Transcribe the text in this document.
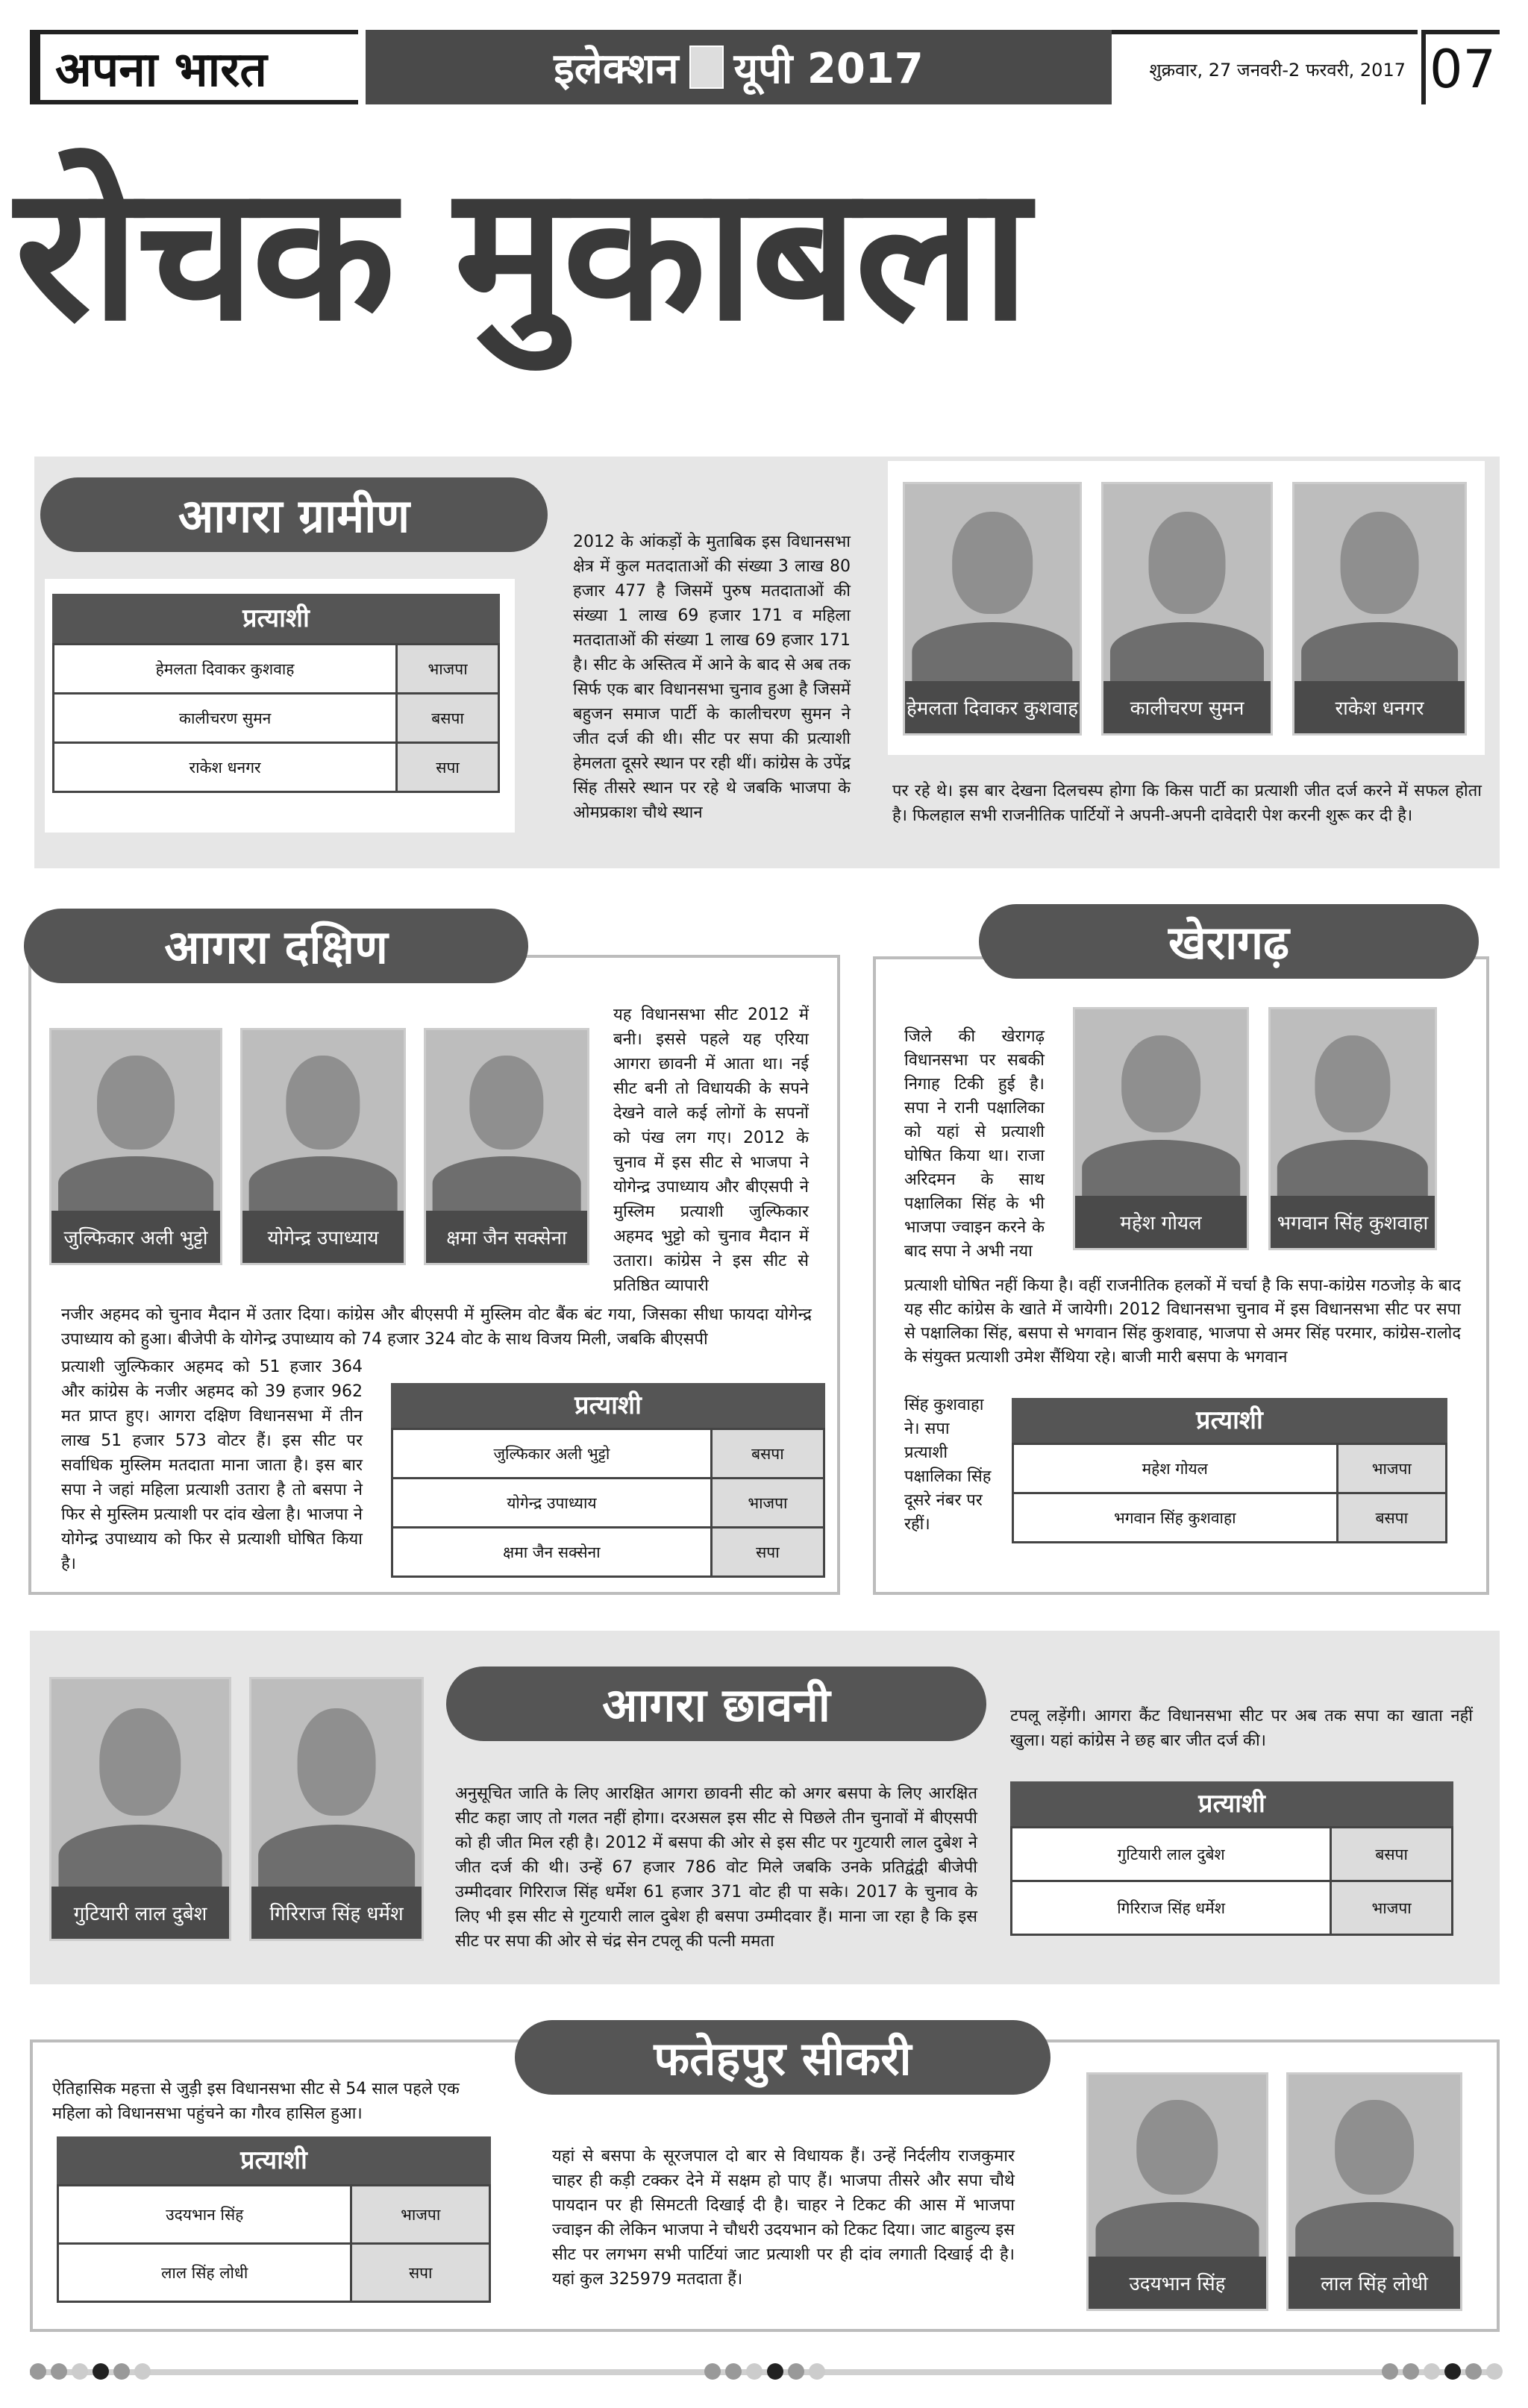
अपना भारत	इलेक्शन यूपी 2017	शुक्रवार, 27 जनवरी-2 फरवरी, 2017 07
रोचक मुकाबला
आगरा ग्रामीण
प्रत्याशी
हेमलता दिवाकर कुशवाह	भाजपा
कालीचरण सुमन	बसपा
राकेश धनगर	सपा
2012 के आंकड़ों के मुताबिक इस विधानसभा क्षेत्र में कुल मतदाताओं की संख्या 3 लाख 80 हजार 477 है जिसमें पुरुष मतदाताओं की संख्या 1 लाख 69 हजार 171 व महिला मतदाताओं की संख्या 1 लाख 69 हजार 171 है। सीट के अस्तित्व में आने के बाद से अब तक सिर्फ एक बार विधानसभा चुनाव हुआ है जिसमें बहुजन समाज पार्टी के कालीचरण सुमन ने जीत दर्ज की थी। सीट पर सपा की प्रत्याशी हेमलता दूसरे स्थान पर रही थीं। कांग्रेस के उपेंद्र सिंह तीसरे स्थान पर रहे थे जबकि भाजपा के ओमप्रकाश चौथे स्थान
हेमलता दिवाकर कुशवाह	कालीचरण सुमन	राकेश धनगर
पर रहे थे। इस बार देखना दिलचस्प होगा कि किस पार्टी का प्रत्याशी जीत दर्ज करने में सफल होता है। फिलहाल सभी राजनीतिक पार्टियों ने अपनी-अपनी दावेदारी पेश करनी शुरू कर दी है।
आगरा दक्षिण
जुल्फिकार अली भुट्टो	योगेन्द्र उपाध्याय	क्षमा जैन सक्सेना
यह विधानसभा सीट 2012 में बनी। इससे पहले यह एरिया आगरा छावनी में आता था। नई सीट बनी तो विधायकी के सपने देखने वाले कई लोगों के सपनों को पंख लग गए। 2012 के चुनाव में इस सीट से भाजपा ने योगेन्द्र उपाध्याय और बीएसपी ने मुस्लिम प्रत्याशी जुल्फिकार अहमद भुट्टो को चुनाव मैदान में उतारा। कांग्रेस ने इस सीट से प्रतिष्ठित व्यापारी
नजीर अहमद को चुनाव मैदान में उतार दिया। कांग्रेस और बीएसपी में मुस्लिम वोट बैंक बंट गया, जिसका सीधा फायदा योगेन्द्र उपाध्याय को हुआ। बीजेपी के योगेन्द्र उपाध्याय को 74 हजार 324 वोट के साथ विजय मिली, जबकि बीएसपी
प्रत्याशी जुल्फिकार अहमद को 51 हजार 364 और कांग्रेस के नजीर अहमद को 39 हजार 962 मत प्राप्त हुए। आगरा दक्षिण विधानसभा में तीन लाख 51 हजार 573 वोटर हैं। इस सीट पर सर्वाधिक मुस्लिम मतदाता माना जाता है। इस बार सपा ने जहां महिला प्रत्याशी उतारा है तो बसपा ने फिर से मुस्लिम प्रत्याशी पर दांव खेला है। भाजपा ने योगेन्द्र उपाध्याय को फिर से प्रत्याशी घोषित किया है।
प्रत्याशी
जुल्फिकार अली भुट्टो	बसपा
योगेन्द्र उपाध्याय	भाजपा
क्षमा जैन सक्सेना	सपा
खेरागढ़
जिले की खेरागढ़ विधानसभा पर सबकी निगाह टिकी हुई है। सपा ने रानी पक्षालिका को यहां से प्रत्याशी घोषित किया था। राजा अरिदमन के साथ पक्षालिका सिंह के भी भाजपा ज्वाइन करने के बाद सपा ने अभी नया
महेश गोयल	भगवान सिंह कुशवाहा
प्रत्याशी घोषित नहीं किया है। वहीं राजनीतिक हलकों में चर्चा है कि सपा-कांग्रेस गठजोड़ के बाद यह सीट कांग्रेस के खाते में जायेगी। 2012 विधानसभा चुनाव में इस विधानसभा सीट पर सपा से पक्षालिका सिंह, बसपा से भगवान सिंह कुशवाह, भाजपा से अमर सिंह परमार, कांग्रेस-रालोद के संयुक्त प्रत्याशी उमेश सैंथिया रहे। बाजी मारी बसपा के भगवान
सिंह कुशवाहा ने। सपा प्रत्याशी पक्षालिका सिंह दूसरे नंबर पर रहीं।
प्रत्याशी
महेश गोयल	भाजपा
भगवान सिंह कुशवाहा	बसपा
गुटियारी लाल दुबेश	गिरिराज सिंह धर्मेश
आगरा छावनी
अनुसूचित जाति के लिए आरक्षित आगरा छावनी सीट को अगर बसपा के लिए आरक्षित सीट कहा जाए तो गलत नहीं होगा। दरअसल इस सीट से पिछले तीन चुनावों में बीएसपी को ही जीत मिल रही है। 2012 में बसपा की ओर से इस सीट पर गुटयारी लाल दुबेश ने जीत दर्ज की थी। उन्हें 67 हजार 786 वोट मिले जबकि उनके प्रतिद्वंद्वी बीजेपी उम्मीदवार गिरिराज सिंह धर्मेश 61 हजार 371 वोट ही पा सके। 2017 के चुनाव के लिए भी इस सीट से गुटयारी लाल दुबेश ही बसपा उम्मीदवार हैं। माना जा रहा है कि इस सीट पर सपा की ओर से चंद्र सेन टपलू की पत्नी ममता
टपलू लड़ेंगी। आगरा कैंट विधानसभा सीट पर अब तक सपा का खाता नहीं खुला। यहां कांग्रेस ने छह बार जीत दर्ज की।
प्रत्याशी
गुटियारी लाल दुबेश	बसपा
गिरिराज सिंह धर्मेश	भाजपा
फतेहपुर सीकरी
ऐतिहासिक महत्ता से जुड़ी इस विधानसभा सीट से 54 साल पहले एक महिला को विधानसभा पहुंचने का गौरव हासिल हुआ।
प्रत्याशी
उदयभान सिंह	भाजपा
लाल सिंह लोधी	सपा
यहां से बसपा के सूरजपाल दो बार से विधायक हैं। उन्हें निर्दलीय राजकुमार चाहर ही कड़ी टक्कर देने में सक्षम हो पाए हैं। भाजपा तीसरे और सपा चौथे पायदान पर ही सिमटती दिखाई दी है। चाहर ने टिकट की आस में भाजपा ज्वाइन की लेकिन भाजपा ने चौधरी उदयभान को टिकट दिया। जाट बाहुल्य इस सीट पर लगभग सभी पार्टियां जाट प्रत्याशी पर ही दांव लगाती दिखाई दी है। यहां कुल 325979 मतदाता हैं।	उदयभान सिंह	लाल सिंह लोधी
